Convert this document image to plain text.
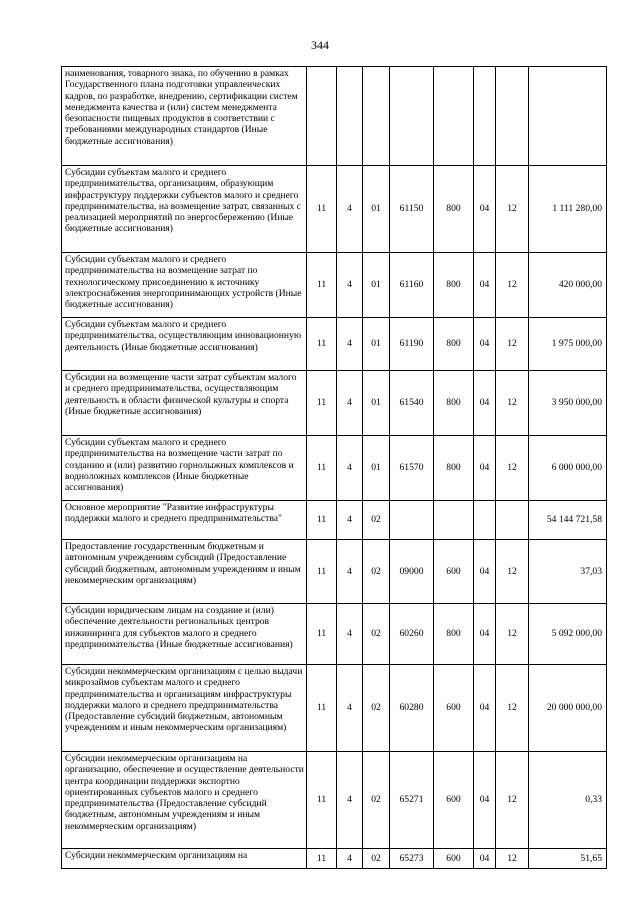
344
наименования, товарного знака, по обучению в рамках Государственного плана подготовки управленческих кадров, по разработке, внедрению, сертификации систем менеджмента качества и (или) систем менеджмента безопасности пищевых продуктов в соответствии с требованиями международных стандартов (Иные бюджетные ассигнования)								
Субсидии субъектам малого и среднего предпринимательства, организациям, образующим инфраструктуру поддержки субъектов малого и среднего предпринимательства, на возмещение затрат, связанных с реализацией мероприятий по энергосбережению (Иные бюджетные ассигнования)	11	4	01	61150	800	04	12	1 111 280,00
Субсидии субъектам малого и среднего предпринимательства на возмещение затрат по технологическому присоединению к источнику электроснабжения энергопринимающих устройств (Иные бюджетные ассигнования)	11	4	01	61160	800	04	12	420 000,00
Субсидии субъектам малого и среднего предпринимательства, осуществляющим инновационную деятельность (Иные бюджетные ассигнования)	11	4	01	61190	800	04	12	1 975 000,00
Субсидии на возмещение части затрат субъектам малого и среднего предпринимательства, осуществляющим деятельность в области физической культуры и спорта (Иные бюджетные ассигнования)	11	4	01	61540	800	04	12	3 950 000,00
Субсидии субъектам малого и среднего предпринимательства на возмещение части затрат по созданию и (или) развитию горнолыжных комплексов и водноложных комплексов (Иные бюджетные ассигнования)	11	4	01	61570	800	04	12	6 000 000,00
Основное мероприятие "Развитие инфраструктуры поддержки малого и среднего предпринимательства"	11	4	02					54 144 721,58
Предоставление государственным бюджетным и автономным учреждениям субсидий (Предоставление субсидий бюджетным, автономным учреждениям и иным некоммерческим организациям)	11	4	02	09000	600	04	12	37,03
Субсидии юридическим лицам на создание и (или) обеспечение деятельности региональных центров инжиниринга для субъектов малого и среднего предпринимательства (Иные бюджетные ассигнования)	11	4	02	60260	800	04	12	5 092 000,00
Субсидии некоммерческим организациям с целью выдачи микрозаймов субъектам малого и среднего предпринимательства и организациям инфраструктуры поддержки малого и среднего предпринимательства (Предоставление субсидий бюджетным, автономным учреждениям и иным некоммерческим организациям)	11	4	02	60280	600	04	12	20 000 000,00
Субсидии некоммерческим организациям на организацию, обеспечение и осуществление деятельности центра координации поддержки экспортно ориентированных субъектов малого и среднего предпринимательства (Предоставление субсидий бюджетным, автономным учреждениям и иным некоммерческим организациям)	11	4	02	65271	600	04	12	0,33
Субсидии некоммерческим организациям на	11	4	02	65273	600	04	12	51,65
